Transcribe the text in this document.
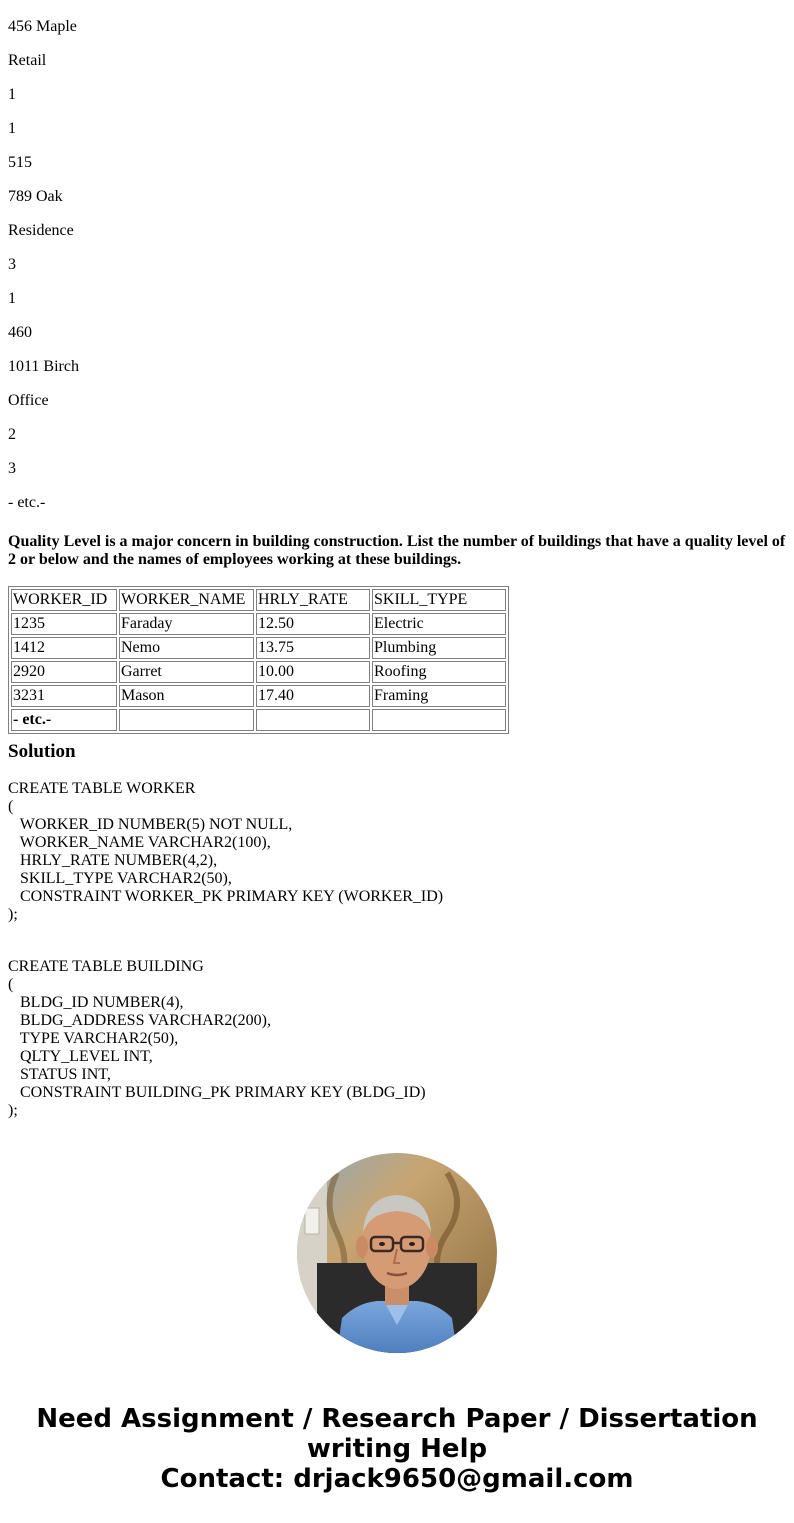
456 Maple

Retail

1

1

515

789 Oak

Residence

3

1

460

1011 Birch

Office

2

3

- etc.-

Quality Level is a major concern in building construction. List the number of buildings that have a quality level of 2 or below and the names of employees working at these buildings.

WORKER_ID	WORKER_NAME	HRLY_RATE	SKILL_TYPE
1235	Faraday	12.50	Electric
1412	Nemo	13.75	Plumbing
2920	Garret	10.00	Roofing
3231	Mason	17.40	Framing
- etc.-			
Solution
CREATE TABLE WORKER
(
WORKER_ID NUMBER(5) NOT NULL,
WORKER_NAME VARCHAR2(100),
HRLY_RATE NUMBER(4,2),
SKILL_TYPE VARCHAR2(50),
CONSTRAINT WORKER_PK PRIMARY KEY (WORKER_ID)
);
CREATE TABLE BUILDING
(
BLDG_ID NUMBER(4),
BLDG_ADDRESS VARCHAR2(200),
TYPE VARCHAR2(50),
QLTY_LEVEL INT,
STATUS INT,
CONSTRAINT BUILDING_PK PRIMARY KEY (BLDG_ID)
);
Need Assignment / Research Paper / Dissertation
writing Help
Contact: drjack9650@gmail.com
